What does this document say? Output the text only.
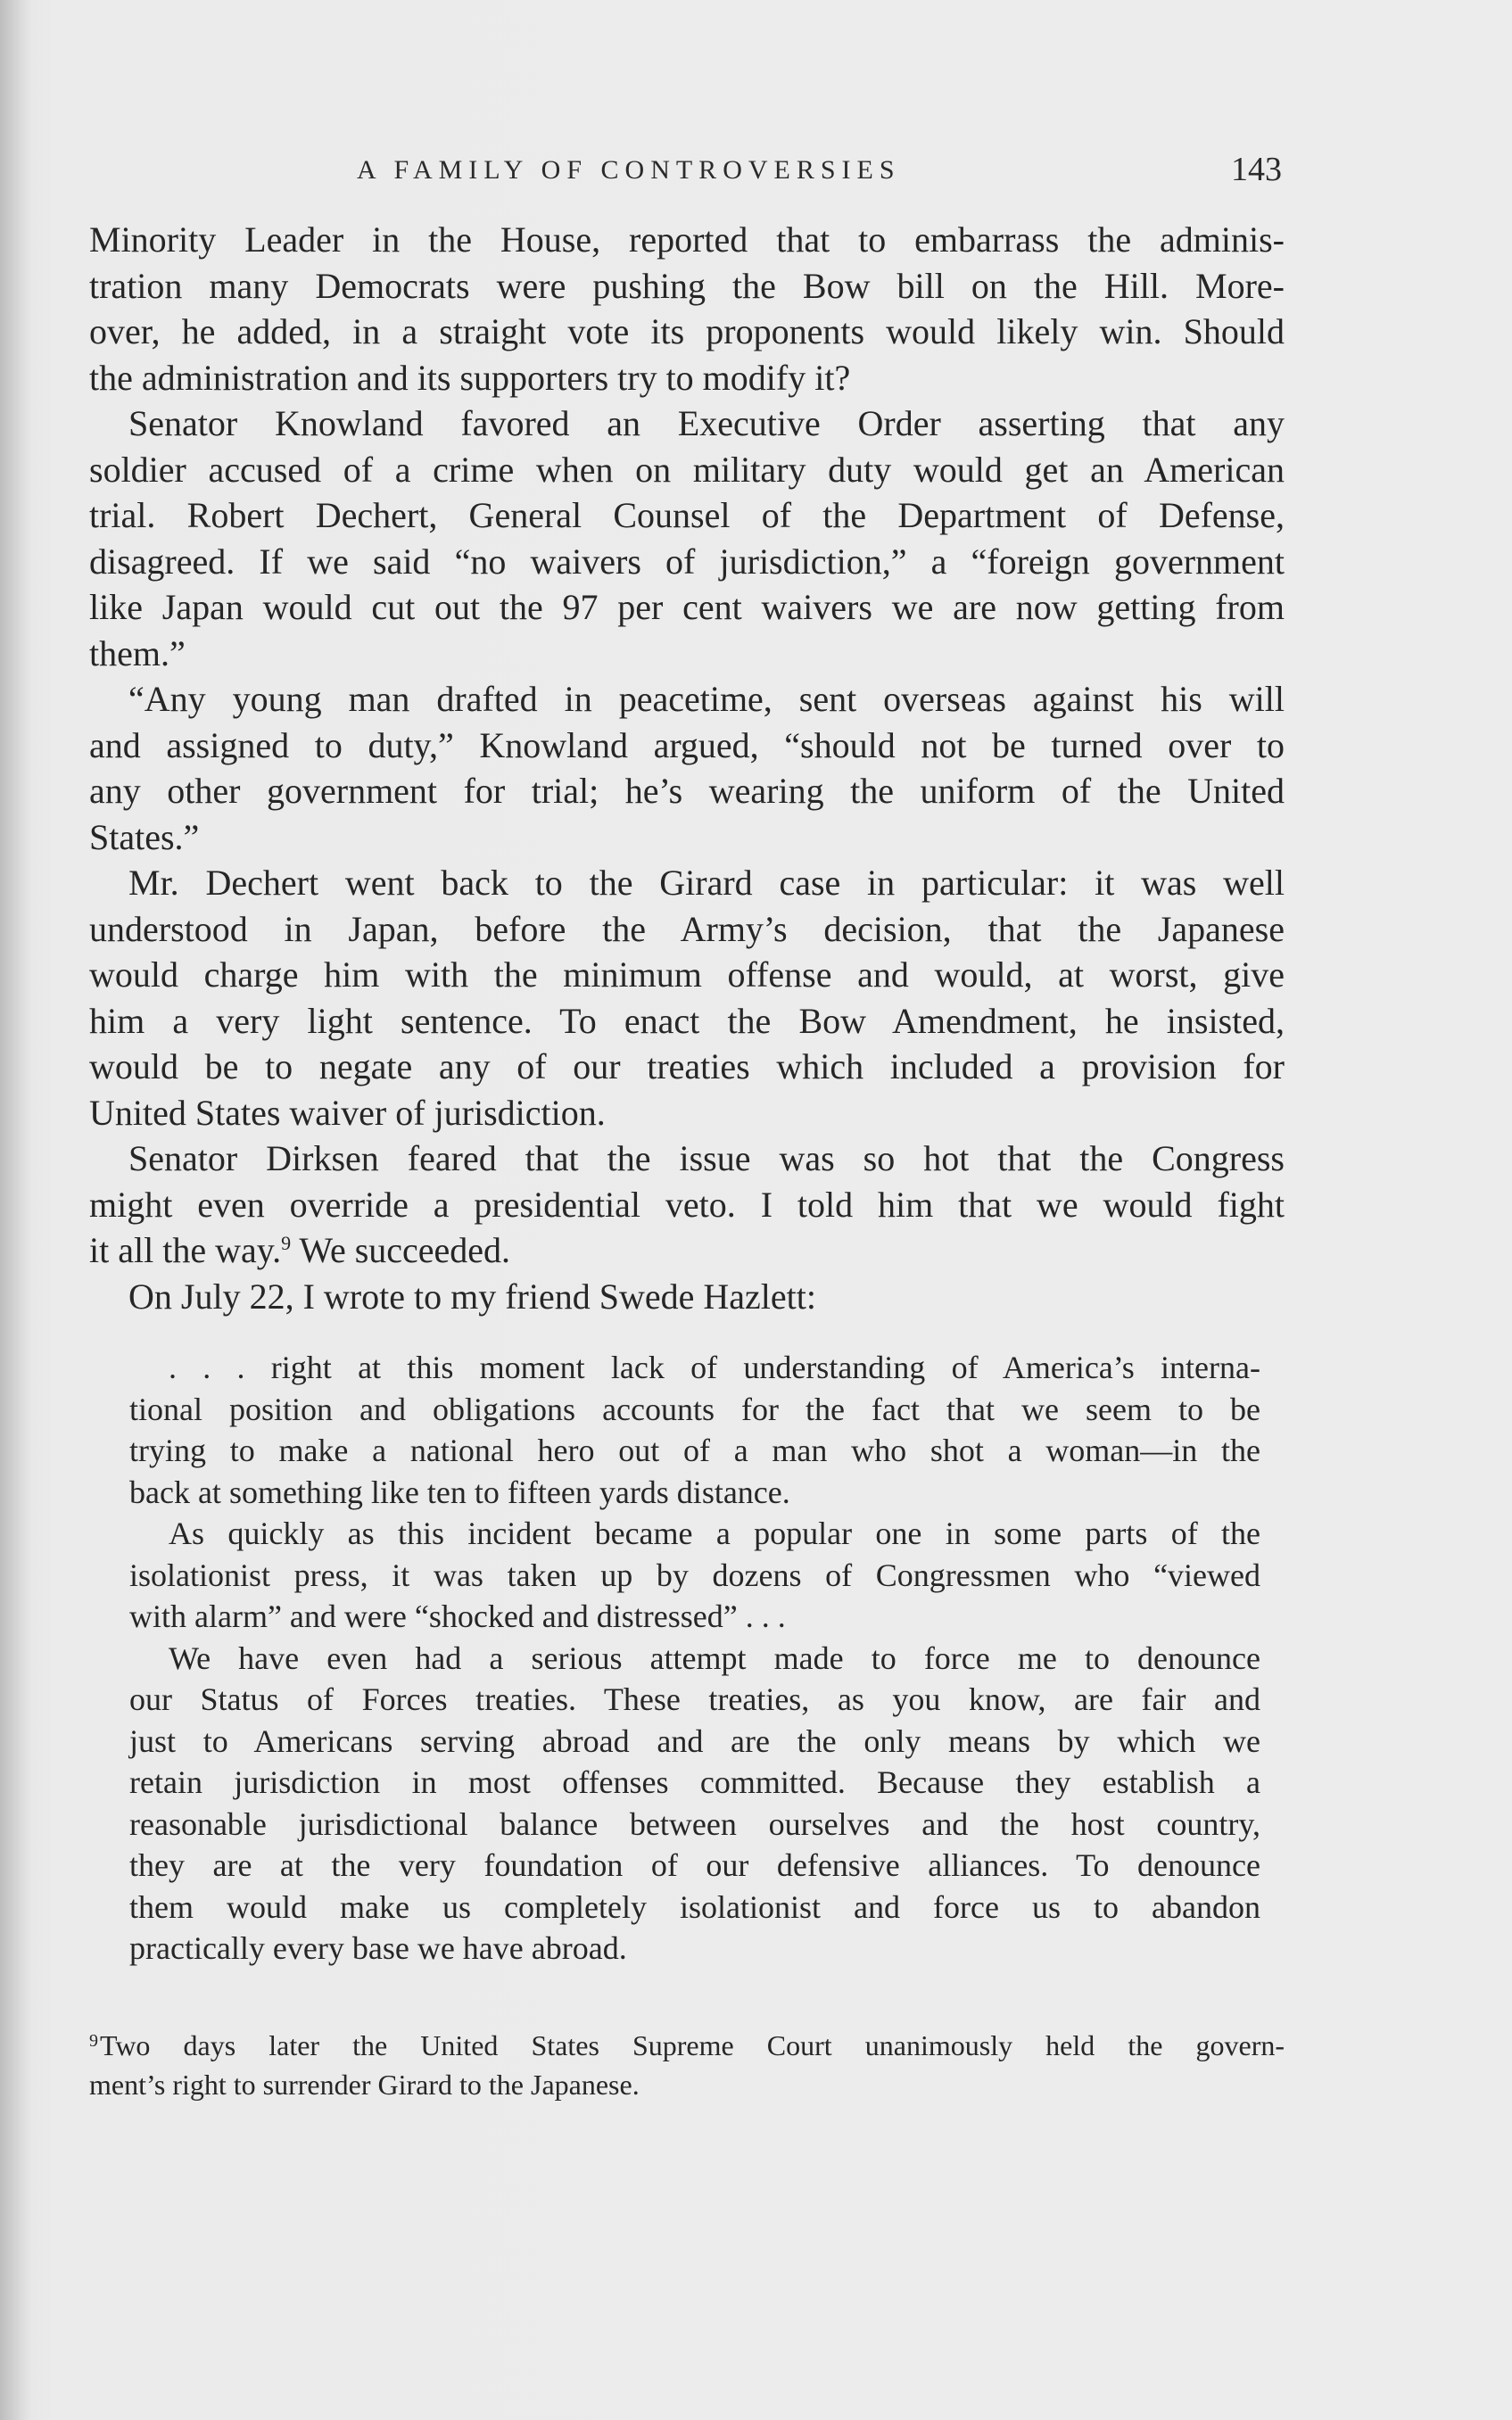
A FAMILY OF CONTROVERSIES	143
Minority Leader in the House, reported that to embarrass the adminis-
tration many Democrats were pushing the Bow bill on the Hill. More-
over, he added, in a straight vote its proponents would likely win. Should
the administration and its supporters try to modify it?
Senator Knowland favored an Executive Order asserting that any
soldier accused of a crime when on military duty would get an American
trial. Robert Dechert, General Counsel of the Department of Defense,
disagreed. If we said “no waivers of jurisdiction,” a “foreign government
like Japan would cut out the 97 per cent waivers we are now getting from
them.”
“Any young man drafted in peacetime, sent overseas against his will
and assigned to duty,” Knowland argued, “should not be turned over to
any other government for trial; he’s wearing the uniform of the United
States.”
Mr. Dechert went back to the Girard case in particular: it was well
understood in Japan, before the Army’s decision, that the Japanese
would charge him with the minimum offense and would, at worst, give
him a very light sentence. To enact the Bow Amendment, he insisted,
would be to negate any of our treaties which included a provision for
United States waiver of jurisdiction.
Senator Dirksen feared that the issue was so hot that the Congress
might even override a presidential veto. I told him that we would fight
it all the way.$^9$ We succeeded.
On July 22, I wrote to my friend Swede Hazlett:
. . . right at this moment lack of understanding of America’s interna-
tional position and obligations accounts for the fact that we seem to be
trying to make a national hero out of a man who shot a woman—in the
back at something like ten to fifteen yards distance.
As quickly as this incident became a popular one in some parts of the
isolationist press, it was taken up by dozens of Congressmen who “viewed
with alarm” and were “shocked and distressed” . . .
We have even had a serious attempt made to force me to denounce
our Status of Forces treaties. These treaties, as you know, are fair and
just to Americans serving abroad and are the only means by which we
retain jurisdiction in most offenses committed. Because they establish a
reasonable jurisdictional balance between ourselves and the host country,
they are at the very foundation of our defensive alliances. To denounce
them would make us completely isolationist and force us to abandon
practically every base we have abroad.
$^9$Two days later the United States Supreme Court unanimously held the govern-
ment’s right to surrender Girard to the Japanese.
